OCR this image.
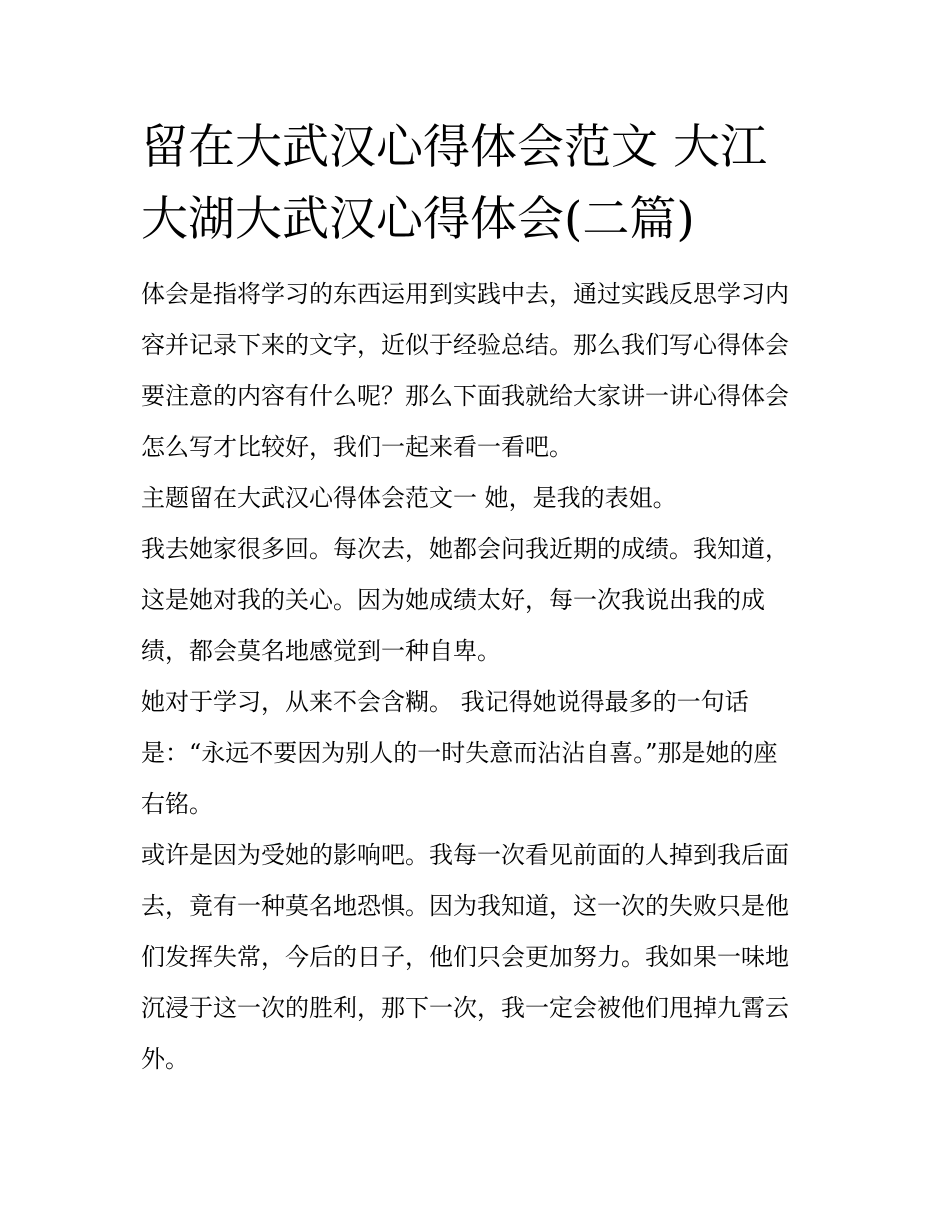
留在大武汉心得体会范文 大江
大湖大武汉心得体会(二篇)
体会是指将学习的东西运用到实践中去，通过实践反思学习内
容并记录下来的文字，近似于经验总结。那么我们写心得体会
要注意的内容有什么呢？那么下面我就给大家讲一讲心得体会
怎么写才比较好，我们一起来看一看吧。
主题留在大武汉心得体会范文一 她，是我的表姐。
我去她家很多回。每次去，她都会问我近期的成绩。我知道，
这是她对我的关心。因为她成绩太好，每一次我说出我的成
绩，都会莫名地感觉到一种自卑。
她对于学习，从来不会含糊。 我记得她说得最多的一句话
是：“永远不要因为别人的一时失意而沾沾自喜。”那是她的座
右铭。
或许是因为受她的影响吧。我每一次看见前面的人掉到我后面
去，竟有一种莫名地恐惧。因为我知道，这一次的失败只是他
们发挥失常，今后的日子，他们只会更加努力。我如果一味地
沉浸于这一次的胜利，那下一次，我一定会被他们甩掉九霄云
外。
